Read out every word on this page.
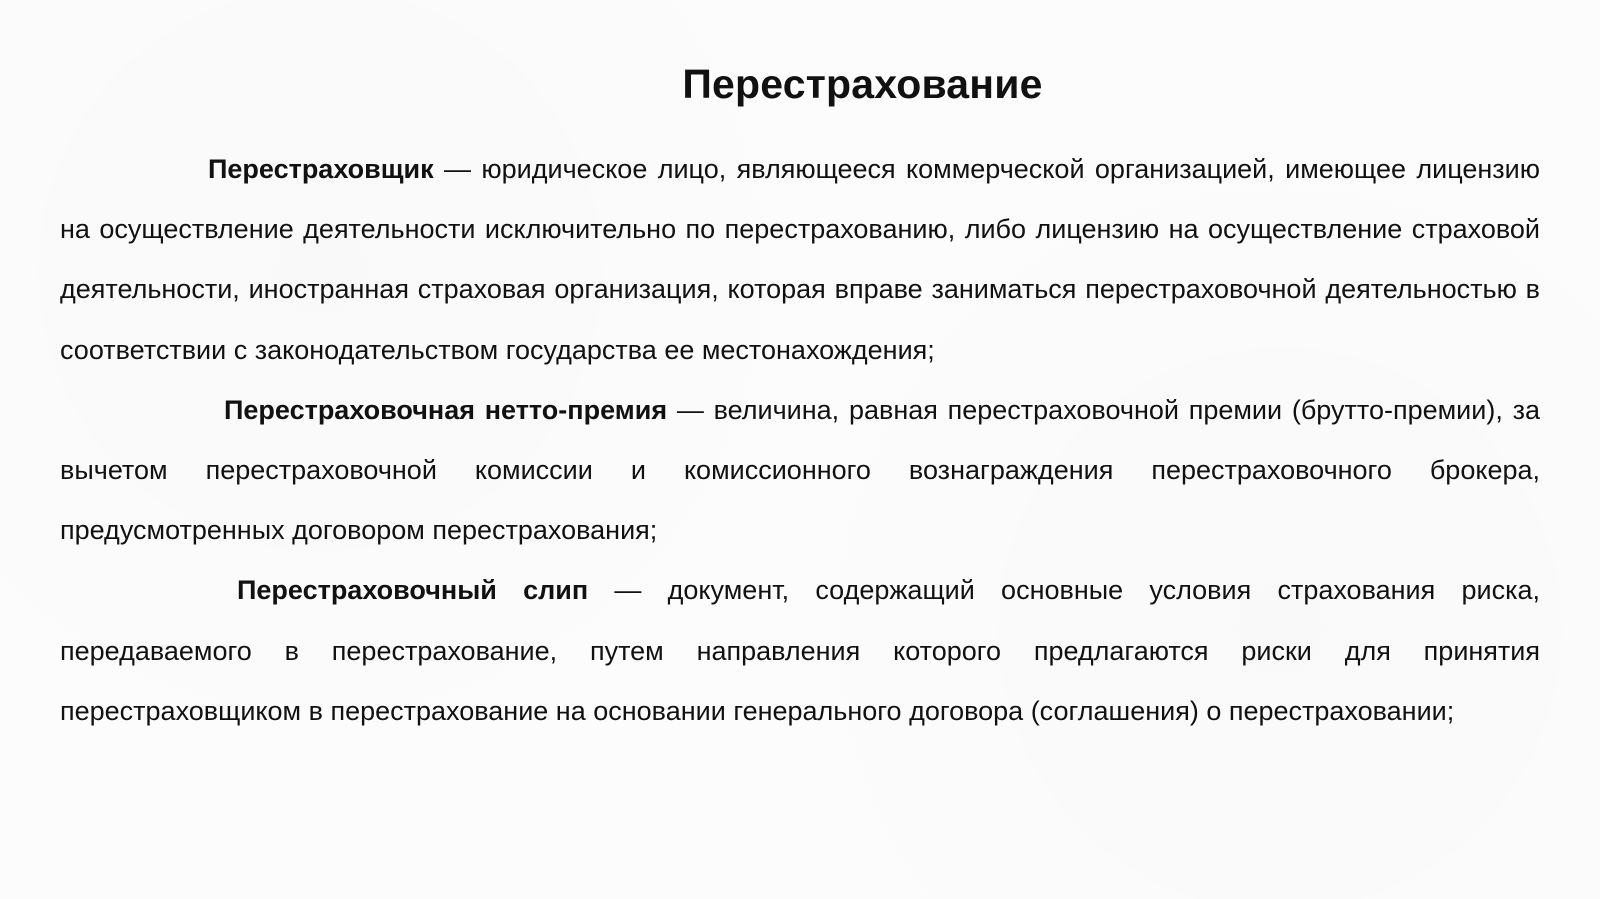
Перестрахование

Перестраховщик — юридическое лицо, являющееся коммерческой организацией, имеющее лицензию на осуществление деятельности исключительно по перестрахованию, либо лицензию на осуществление страховой деятельности, иностранная страховая организация, которая вправе заниматься перестраховочной деятельностью в соответствии с законодательством государства ее местонахождения;

Перестраховочная нетто-премия — величина, равная перестраховочной премии (брутто-премии), за вычетом перестраховочной комиссии и комиссионного вознаграждения перестраховочного брокера, предусмотренных договором перестрахования;

Перестраховочный слип — документ, содержащий основные условия страхования риска, передаваемого в перестрахование, путем направления которого предлагаются риски для принятия перестраховщиком в перестрахование на основании генерального договора (соглашения) о перестраховании;
